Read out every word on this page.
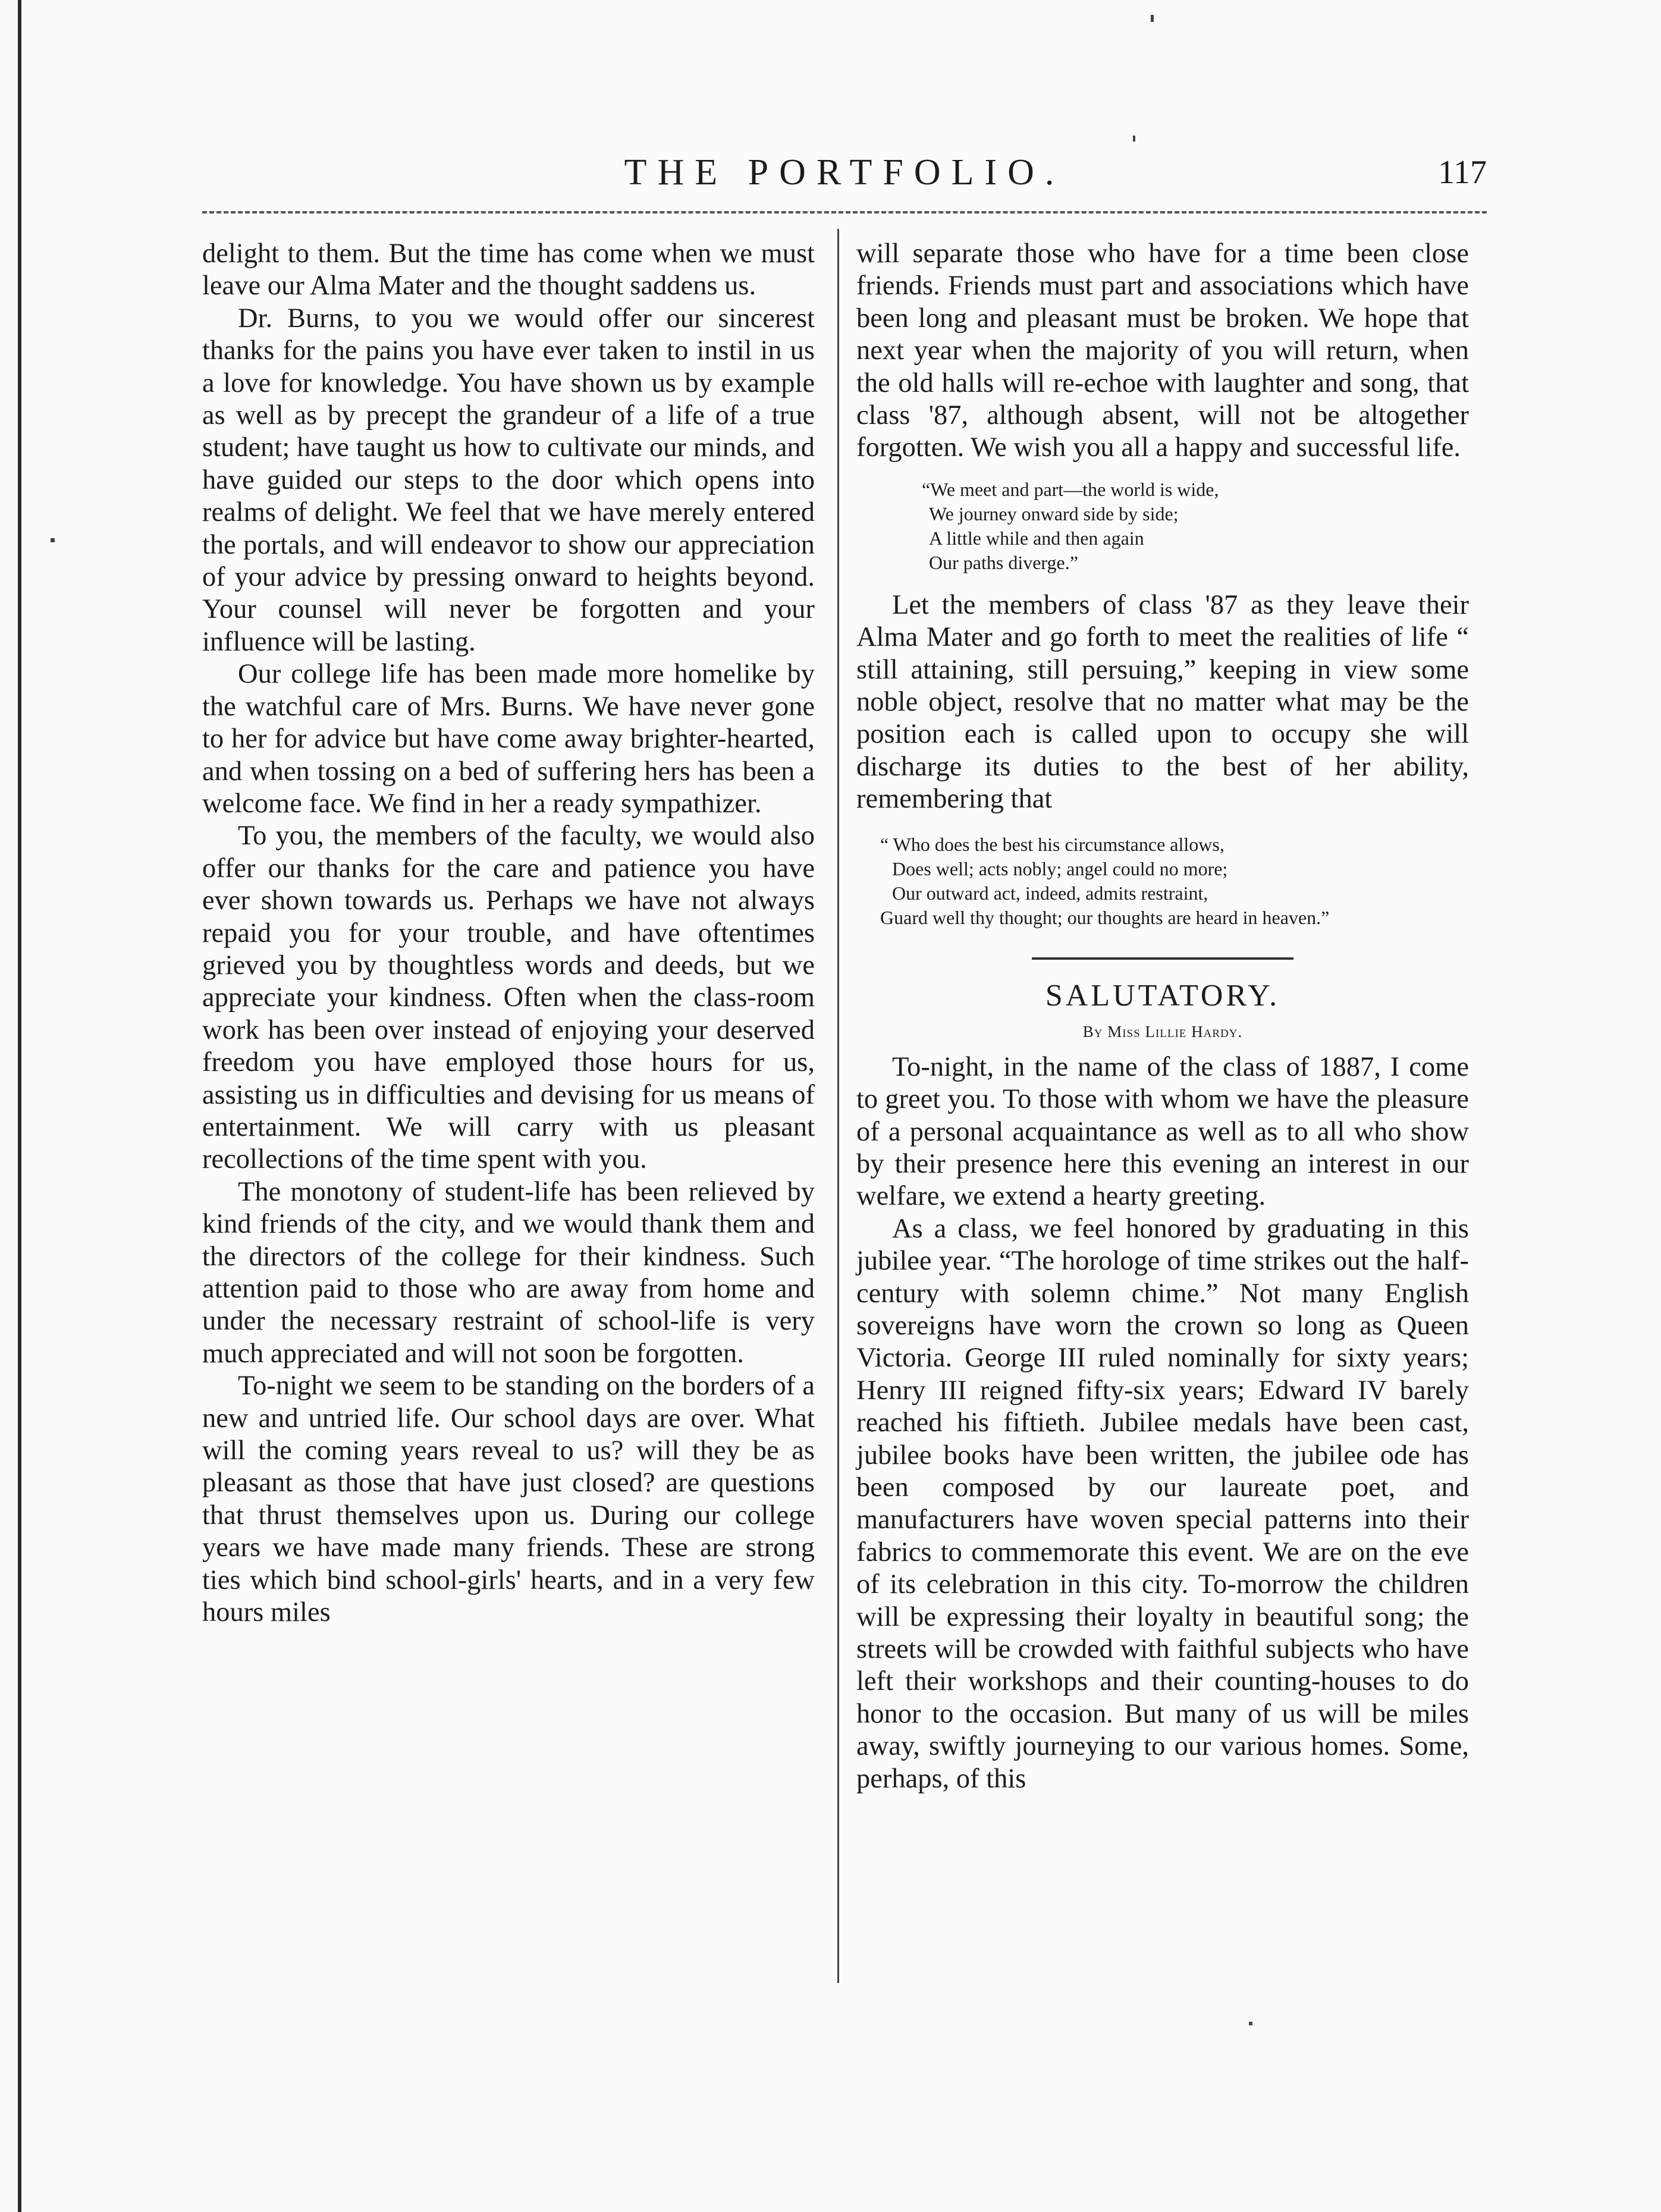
THE PORTFOLIO.	117

delight to them. But the time has come when we must leave our Alma Mater and the thought saddens us.

Dr. Burns, to you we would offer our sincerest thanks for the pains you have ever taken to instil in us a love for knowledge. You have shown us by example as well as by precept the grandeur of a life of a true student; have taught us how to cultivate our minds, and have guided our steps to the door which opens into realms of delight. We feel that we have merely entered the portals, and will endeavor to show our appreciation of your advice by pressing onward to heights beyond. Your counsel will never be forgotten and your influence will be lasting.

Our college life has been made more homelike by the watchful care of Mrs. Burns. We have never gone to her for advice but have come away brighter-hearted, and when tossing on a bed of suffering hers has been a welcome face. We find in her a ready sympathizer.

To you, the members of the faculty, we would also offer our thanks for the care and patience you have ever shown towards us. Perhaps we have not always repaid you for your trouble, and have oftentimes grieved you by thoughtless words and deeds, but we appreciate your kindness. Often when the class-room work has been over instead of enjoying your deserved freedom you have employed those hours for us, assisting us in difficulties and devising for us means of entertainment. We will carry with us pleasant recollections of the time spent with you.

The monotony of student-life has been relieved by kind friends of the city, and we would thank them and the directors of the college for their kindness. Such attention paid to those who are away from home and under the necessary restraint of school-life is very much appreciated and will not soon be forgotten.

To-night we seem to be standing on the borders of a new and untried life. Our school days are over. What will the coming years reveal to us? will they be as pleasant as those that have just closed? are questions that thrust themselves upon us. During our college years we have made many friends. These are strong ties which bind school-girls' hearts, and in a very few hours miles

will separate those who have for a time been close friends. Friends must part and associations which have been long and pleasant must be broken. We hope that next year when the majority of you will return, when the old halls will re-echoe with laughter and song, that class '87, although absent, will not be altogether forgotten. We wish you all a happy and successful life.

“We meet and part—the world is wide,
We journey onward side by side;
A little while and then again
Our paths diverge.”

Let the members of class '87 as they leave their Alma Mater and go forth to meet the realities of life “ still attaining, still persuing,” keeping in view some noble object, resolve that no matter what may be the position each is called upon to occupy she will discharge its duties to the best of her ability, remembering that

“ Who does the best his circumstance allows,
Does well; acts nobly; angel could no more;
Our outward act, indeed, admits restraint,
Guard well thy thought; our thoughts are heard in heaven.”
SALUTATORY.
By Miss Lillie Hardy.

To-night, in the name of the class of 1887, I come to greet you. To those with whom we have the pleasure of a personal acquaintance as well as to all who show by their presence here this evening an interest in our welfare, we extend a hearty greeting.

As a class, we feel honored by graduating in this jubilee year. “The horologe of time strikes out the half-century with solemn chime.” Not many English sovereigns have worn the crown so long as Queen Victoria. George III ruled nominally for sixty years; Henry III reigned fifty-six years; Edward IV barely reached his fiftieth. Jubilee medals have been cast, jubilee books have been written, the jubilee ode has been composed by our laureate poet, and manufacturers have woven special patterns into their fabrics to commemorate this event. We are on the eve of its celebration in this city. To-morrow the children will be expressing their loyalty in beautiful song; the streets will be crowded with faithful subjects who have left their workshops and their counting-houses to do honor to the occasion. But many of us will be miles away, swiftly journeying to our various homes. Some, perhaps, of this
